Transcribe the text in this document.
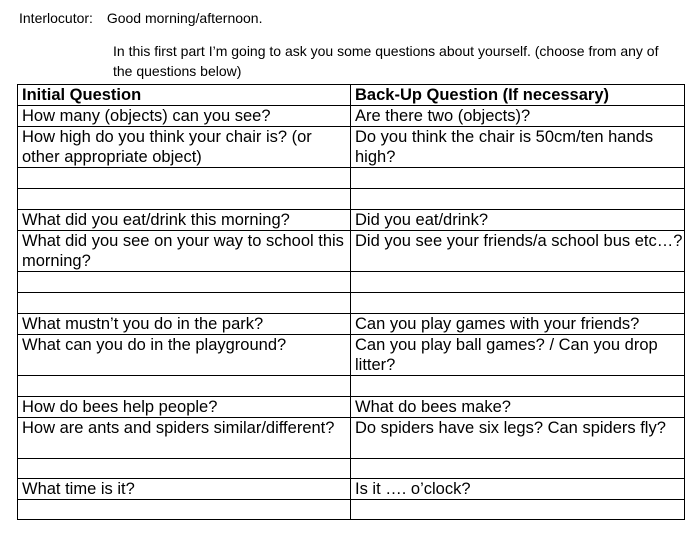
Interlocutor: Good morning/afternoon.
In this first part I’m going to ask you some questions about yourself. (choose from any of the questions below)
Initial Question	Back-Up Question (If necessary)
How many (objects) can you see?	Are there two (objects)?
How high do you think your chair is? (or other appropriate object)	Do you think the chair is 50cm/ten hands high?

What did you eat/drink this morning?	Did you eat/drink?
What did you see on your way to school this morning?	Did you see your friends/a school bus etc…?

What mustn’t you do in the park?	Can you play games with your friends?
What can you do in the playground?	Can you play ball games? / Can you drop litter?

How do bees help people?	What do bees make?
How are ants and spiders similar/different?	Do spiders have six legs? Can spiders fly?

What time is it?	Is it …. o’clock?
